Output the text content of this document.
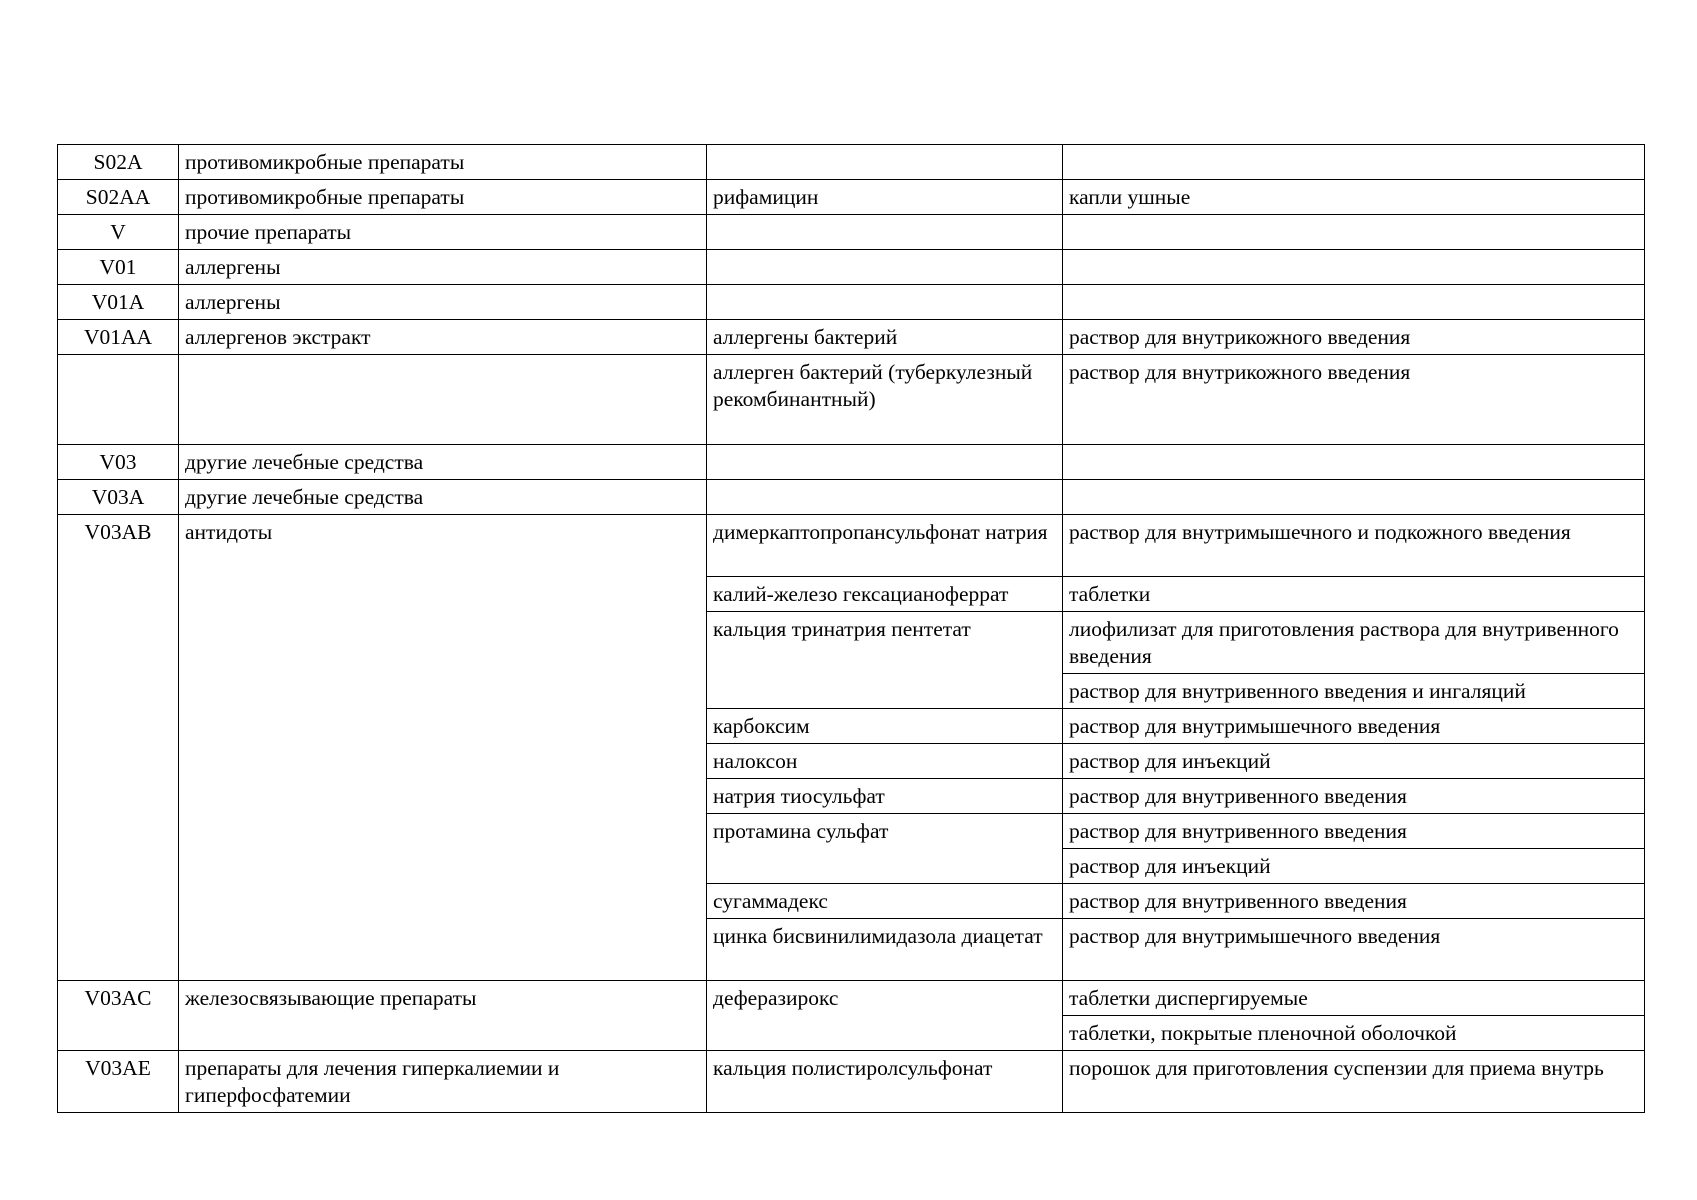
S02A	противомикробные препараты		
S02AA	противомикробные препараты	рифамицин	капли ушные
V	прочие препараты		
V01	аллергены		
V01A	аллергены		
V01AA	аллергенов экстракт	аллергены бактерий	раствор для внутрикожного введения
		аллерген бактерий (туберкулезный рекомбинантный)	раствор для внутрикожного введения
V03	другие лечебные средства		
V03A	другие лечебные средства		
V03AB	антидоты	димеркаптопропансульфонат натрия	раствор для внутримышечного и подкожного введения
		калий-железо гексацианоферрат	таблетки
		кальция тринатрия пентетат	лиофилизат для приготовления раствора для внутривенного введения
			раствор для внутривенного введения и ингаляций
		карбоксим	раствор для внутримышечного введения
		налоксон	раствор для инъекций
		натрия тиосульфат	раствор для внутривенного введения
		протамина сульфат	раствор для внутривенного введения
			раствор для инъекций
		сугаммадекс	раствор для внутривенного введения
		цинка бисвинилимидазола диацетат	раствор для внутримышечного введения
V03AC	железосвязывающие препараты	деферазирокс	таблетки диспергируемые
			таблетки, покрытые пленочной оболочкой
V03AE	препараты для лечения гиперкалиемии и гиперфосфатемии	кальция полистиролсульфонат	порошок для приготовления суспензии для приема внутрь
